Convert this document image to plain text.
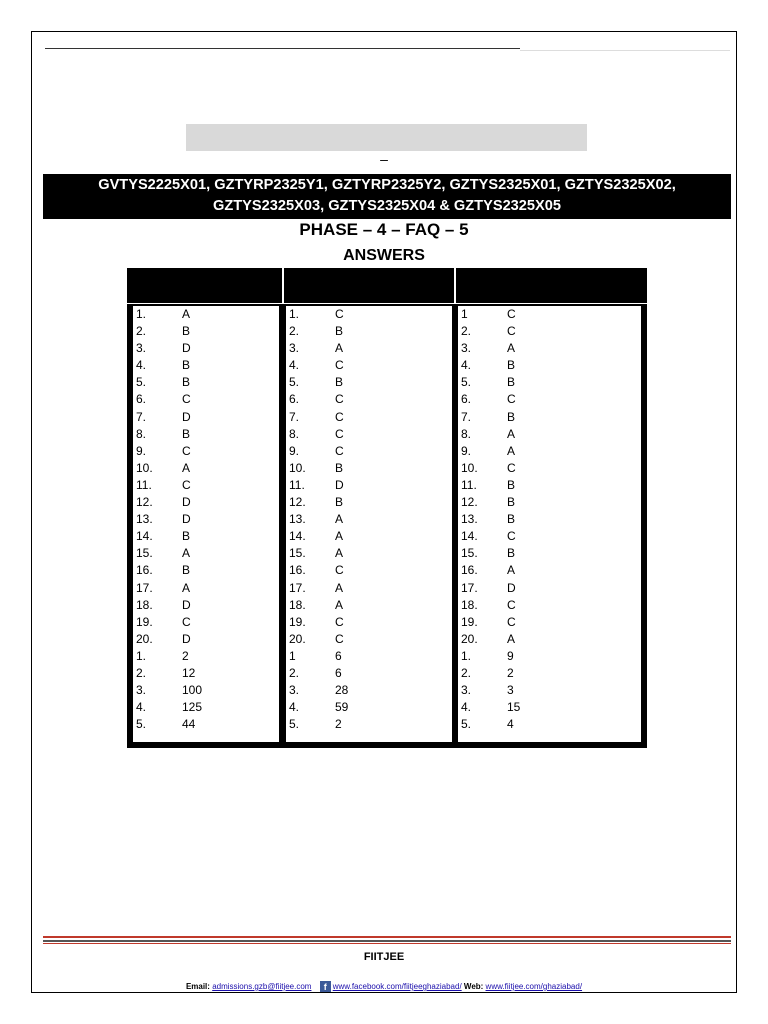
–
GVTYS2225X01, GZTYRP2325Y1, GZTYRP2325Y2, GZTYS2325X01, GZTYS2325X02,
GZTYS2325X03, GZTYS2325X04 & GZTYS2325X05
PHASE – 4 – FAQ – 5
ANSWERS
1.	A
2.	B
3.	D
4.	B
5.	B
6.	C
7.	D
8.	B
9.	C
10. A
11.	C
12. D
13. D
14. B
15. A
16. B
17. A
18. D
19. C
20. D
1.	2
2.	12
3.	100
4.	125
5.	44
1.	C
2.	B
3.	A
4.	C
5.	B
6.	C
7.	C
8.	C
9.	C
10. B
11.	D
12. B
13. A
14. A
15. A
16. C
17. A
18. A
19. C
20. C
1	6
2.	6
3.	28
4.	59
5.	2
1	C
2.	C
3.	A
4.	B
5.	B
6.	C
7.	B
8.	A
9.	A
10. C
11.	B
12. B
13. B
14. C
15. B
16. A
17. D
18. C
19. C
20. A
1.	9
2.	2
3.	3
4.	15
5.	4
FIITJEE
Email: admissions.gzb@fiitjee.com f www.facebook.com/fiitjeeghaziabad/ Web: www.fiitjee.com/ghaziabad/
